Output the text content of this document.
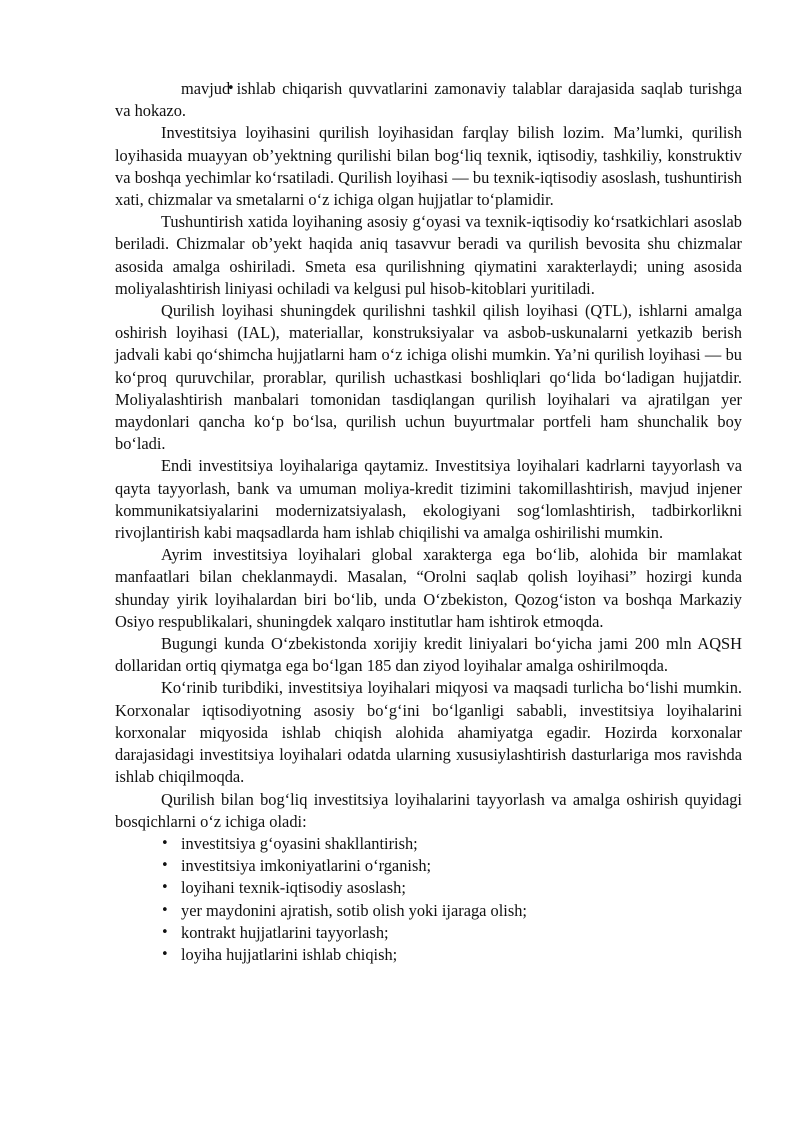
• mavjud ishlab chiqarish quvvatlarini zamonaviy talablar darajasida saqlab turishga va hokazo.

Investitsiya loyihasini qurilish loyihasidan farqlay bilish lozim. Ma’lumki, qurilish loyihasida muayyan ob’yektning qurilishi bilan bog‘liq texnik, iqtisodiy, tashkiliy, konstruktiv va boshqa yechimlar ko‘rsatiladi. Qurilish loyihasi — bu texnik-iqtisodiy asoslash, tushuntirish xati, chizmalar va smetalarni o‘z ichiga olgan hujjatlar to‘plamidir.

Tushuntirish xatida loyihaning asosiy g‘oyasi va texnik-iqtisodiy ko‘rsatkichlari asoslab beriladi. Chizmalar ob’yekt haqida aniq tasavvur beradi va qurilish bevosita shu chizmalar asosida amalga oshiriladi. Smeta esa qurilishning qiymatini xarakterlaydi; uning asosida moliyalashtirish liniyasi ochiladi va kelgusi pul hisob-kitoblari yuritiladi.

Qurilish loyihasi shuningdek qurilishni tashkil qilish loyihasi (QTL), ishlarni amalga oshirish loyihasi (IAL), materiallar, konstruksiyalar va asbob-uskunalarni yetkazib berish jadvali kabi qo‘shimcha hujjatlarni ham o‘z ichiga olishi mumkin. Ya’ni qurilish loyihasi — bu ko‘proq quruvchilar, prorablar, qurilish uchastkasi boshliqlari qo‘lida bo‘ladigan hujjatdir. Moliyalashtirish manbalari tomonidan tasdiqlangan qurilish loyihalari va ajratilgan yer maydonlari qancha ko‘p bo‘lsa, qurilish uchun buyurtmalar portfeli ham shunchalik boy bo‘ladi.

Endi investitsiya loyihalariga qaytamiz. Investitsiya loyihalari kadrlarni tayyorlash va qayta tayyorlash, bank va umuman moliya-kredit tizimini takomillashtirish, mavjud injener kommunikatsiyalarini modernizatsiyalash, ekologiyani sog‘lomlashtirish, tadbirkorlikni rivojlantirish kabi maqsadlarda ham ishlab chiqilishi va amalga oshirilishi mumkin.

Ayrim investitsiya loyihalari global xarakterga ega bo‘lib, alohida bir mamlakat manfaatlari bilan cheklanmaydi. Masalan, “Orolni saqlab qolish loyihasi” hozirgi kunda shunday yirik loyihalardan biri bo‘lib, unda O‘zbekiston, Qozog‘iston va boshqa Markaziy Osiyo respublikalari, shuningdek xalqaro institutlar ham ishtirok etmoqda.

Bugungi kunda O‘zbekistonda xorijiy kredit liniyalari bo‘yicha jami 200 mln AQSH dollaridan ortiq qiymatga ega bo‘lgan 185 dan ziyod loyihalar amalga oshirilmoqda.

Ko‘rinib turibdiki, investitsiya loyihalari miqyosi va maqsadi turlicha bo‘lishi mumkin. Korxonalar iqtisodiyotning asosiy bo‘g‘ini bo‘lganligi sababli, investitsiya loyihalarini korxonalar miqyosida ishlab chiqish alohida ahamiyatga egadir. Hozirda korxonalar darajasidagi investitsiya loyihalari odatda ularning xususiylashtirish dasturlariga mos ravishda ishlab chiqilmoqda.

Qurilish bilan bog‘liq investitsiya loyihalarini tayyorlash va amalga oshirish quyidagi bosqichlarni o‘z ichiga oladi:

• investitsiya g‘oyasini shakllantirish;
• investitsiya imkoniyatlarini o‘rganish;
• loyihani texnik-iqtisodiy asoslash;
• yer maydonini ajratish, sotib olish yoki ijaraga olish;
• kontrakt hujjatlarini tayyorlash;
• loyiha hujjatlarini ishlab chiqish;
